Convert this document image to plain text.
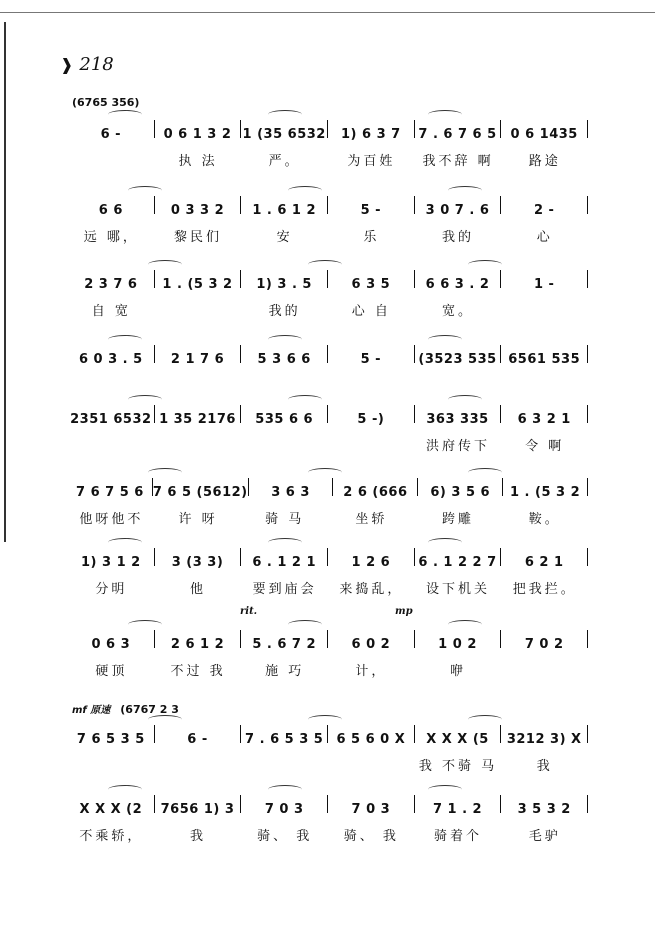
❱ 218
(6765 356)
6 -	0 6 1 3 2 1 (35 6532	1) 6 3 7	7 . 6 7 6 5	0 6 1435
执 法	严。	为百姓	我不辞 啊	路途
6 6	0 3 3 2	1 . 6 1 2	5 -	3 0 7 . 6	2 -
远 哪，	黎民们	安	乐	我的	心
2 3 7 6	1 . (5 3 2	1) 3 . 5	6 3 5	6 6 3 . 2	1 -
自 宽	我的	心 自	宽。
6 0 3 . 5	2 1 7 6	5 3 6 6	5 -	(3523 535 6561 535
2351 6532 1 35 2176	535 6 6	5 -)	363 335	6 3 2 1
洪府传下	令 啊
7 6 7 5 6 7 6 5 (5612)	3 6 3	2 6 (666	6) 3 5 6	1 . (5 3 2
他呀他不	许 呀	骑 马	坐轿	跨雕	鞍。
1) 3 1 2	3 (3 3)	6 . 1 2 1	1 2 6	6 . 1 2 2 7	6 2 1
分明	他	要到庙会	来捣乱，	设下机关	把我拦。
0 6 3	2 6 1 2	5 . 6 7 2	6 0 2	1 0 2	7 0 2
硬顶	不过 我	施 巧	计，	咿
mf 原速 (6767 2 3
7 6 5 3 5	6 -	7 . 6 5 3 5	6 5 6 0 X	X X X (5	3212 3) X
我 不骑 马	我
X X X (2	7656 1) 3	7 0 3	7 0 3	7 1 . 2	3 5 3 2
不乘轿，	我	骑、 我	骑、 我	骑着个	毛驴
rit.	mp
